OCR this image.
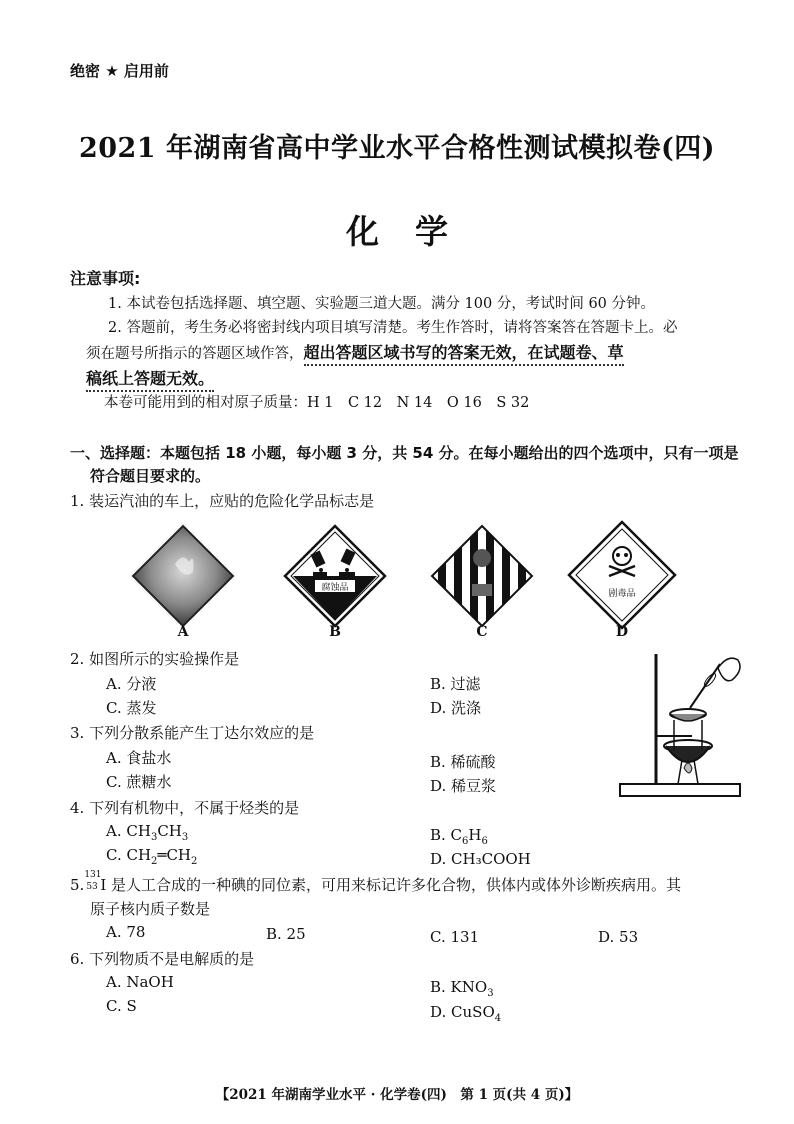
绝密 ★ 启用前
2021 年湖南省高中学业水平合格性测试模拟卷(四)
化学
注意事项:
1. 本试卷包括选择题、填空题、实验题三道大题。满分 100 分，考试时间 60 分钟。
2. 答题前，考生务必将密封线内项目填写清楚。考生作答时，请将答案答在答题卡上。必
须在题号所指示的答题区域作答，超出答题区域书写的答案无效，在试题卷、草
稿纸上答题无效。
本卷可能用到的相对原子质量：H 1　C 12　N 14　O 16　S 32
一、选择题：本题包括 18 小题，每小题 3 分，共 54 分。在每小题给出的四个选项中，只有一项是
符合题目要求的。
1. 装运汽油的车上，应贴的危险化学品标志是
A
腐蚀品
B	C
剧毒品
D
2. 如图所示的实验操作是
A. 分液	B. 过滤
C. 蒸发	D. 洗涤
3. 下列分散系能产生丁达尔效应的是
A. 食盐水	B. 稀硫酸
C. 蔗糖水	D. 稀豆浆
4. 下列有机物中，不属于烃类的是
A. $CH_3CH_3$	B. $C_6H_6$
C. $CH_2═CH_2$	D. CH₃COOH
5.
131
53 I 是人工合成的一种碘的同位素，可用来标记许多化合物，供体内或体外诊断疾病用。其
原子核内质子数是
A. 78	B. 25	C. 131	D. 53
6. 下列物质不是电解质的是
A. NaOH	B. $KNO_3$
C. S	D. CuSO$_4$
【2021 年湖南学业水平 · 化学卷(四)　第 1 页(共 4 页)】
